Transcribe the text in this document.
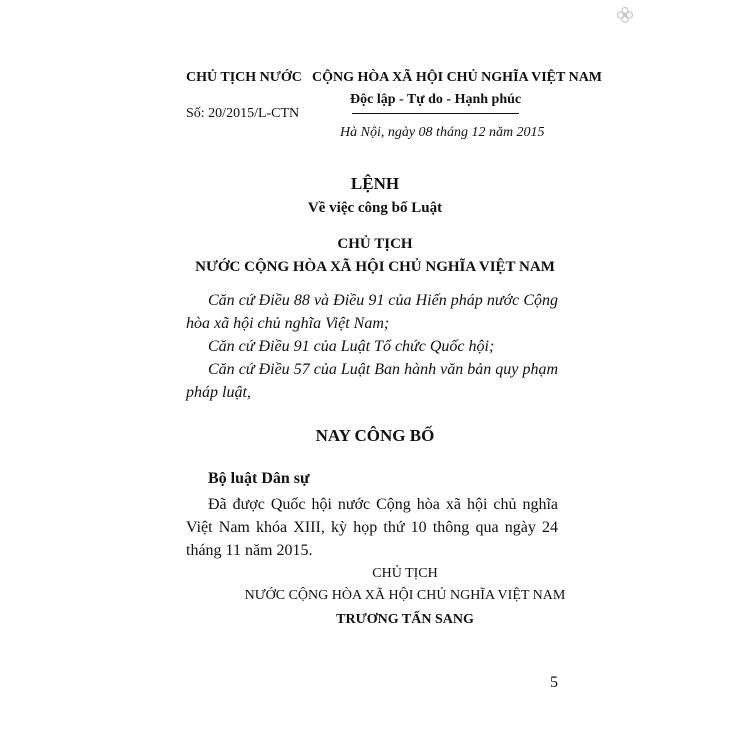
CHỦ TỊCH NƯỚC

Số: 20/2015/L-CTN

CỘNG HÒA XÃ HỘI CHỦ NGHĨA VIỆT NAM

Độc lập - Tự do - Hạnh phúc

Hà Nội, ngày 08 tháng 12 năm 2015

LỆNH

Về việc công bố Luật

CHỦ TỊCH

NƯỚC CỘNG HÒA XÃ HỘI CHỦ NGHĨA VIỆT NAM

Căn cứ Điều 88 và Điều 91 của Hiến pháp nước Cộng

hòa xã hội chủ nghĩa Việt Nam;

Căn cứ Điều 91 của Luật Tổ chức Quốc hội;

Căn cứ Điều 57 của Luật Ban hành văn bản quy phạm

pháp luật,

NAY CÔNG BỐ

Bộ luật Dân sự

Đã được Quốc hội nước Cộng hòa xã hội chủ nghĩa

Việt Nam khóa XIII, kỳ họp thứ 10 thông qua ngày 24

tháng 11 năm 2015.

CHỦ TỊCH

NƯỚC CỘNG HÒA XÃ HỘI CHỦ NGHĨA VIỆT NAM

TRƯƠNG TẤN SANG

5
